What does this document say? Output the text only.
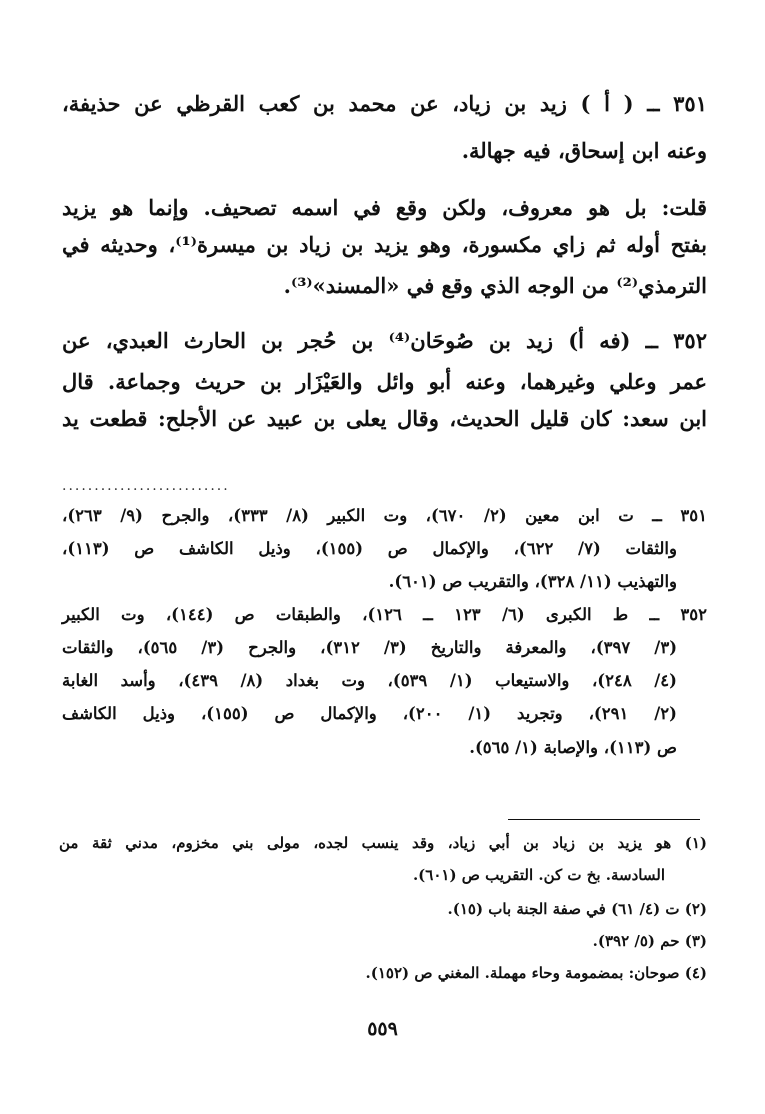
٣٥١ ــ ( أ ) زيد بن زياد، عن محمد بن كعب القرظي عن حذيفة،
وعنه ابن إسحاق، فيه جهالة.
قلت: بل هو معروف، ولكن وقع في اسمه تصحيف. وإنما هو يزيد
بفتح أوله ثم زاي مكسورة، وهو يزيد بن زياد بن ميسرة⁽¹⁾، وحديثه في
الترمذي⁽²⁾ من الوجه الذي وقع في «المسند»⁽³⁾.
٣٥٢ ــ (فه أ) زيد بن صُوحَان⁽⁴⁾ بن حُجر بن الحارث العبدي، عن
عمر وعلي وغيرهما، وعنه أبو وائل والعَيْزَار بن حريث وجماعة. قال
ابن سعد: كان قليل الحديث، وقال يعلى بن عبيد عن الأجلح: قطعت يد
..........................
٣٥١ ــ ت ابن معين (٢/ ٦٧٠)، وت الكبير (٨/ ٣٣٣)، والجرح (٩/ ٢٦٣)،
والثقات (٧/ ٦٢٢)، والإكمال ص (١٥٥)، وذيل الكاشف ص (١١٣)،
والتهذيب (١١/ ٣٢٨)، والتقريب ص (٦٠١).
٣٥٢ ــ ط الكبرى (٦/ ١٢٣ ــ ١٢٦)، والطبقات ص (١٤٤)، وت الكبير
(٣/ ٣٩٧)، والمعرفة والتاريخ (٣/ ٣١٢)، والجرح (٣/ ٥٦٥)، والثقات
(٤/ ٢٤٨)، والاستيعاب (١/ ٥٣٩)، وت بغداد (٨/ ٤٣٩)، وأسد الغابة
(٢/ ٢٩١)، وتجريد (١/ ٢٠٠)، والإكمال ص (١٥٥)، وذيل الكاشف
ص (١١٣)، والإصابة (١/ ٥٦٥).
(١) هو يزيد بن زياد بن أبي زياد، وقد ينسب لجده، مولى بني مخزوم، مدني ثقة من
السادسة. بخ ت كن. التقريب ص (٦٠١).
(٢) ت (٤/ ٦١) في صفة الجنة باب (١٥).
(٣) حم (٥/ ٣٩٢).
(٤) صوحان: بمضمومة وحاء مهملة. المغني ص (١٥٢).
٥٥٩
